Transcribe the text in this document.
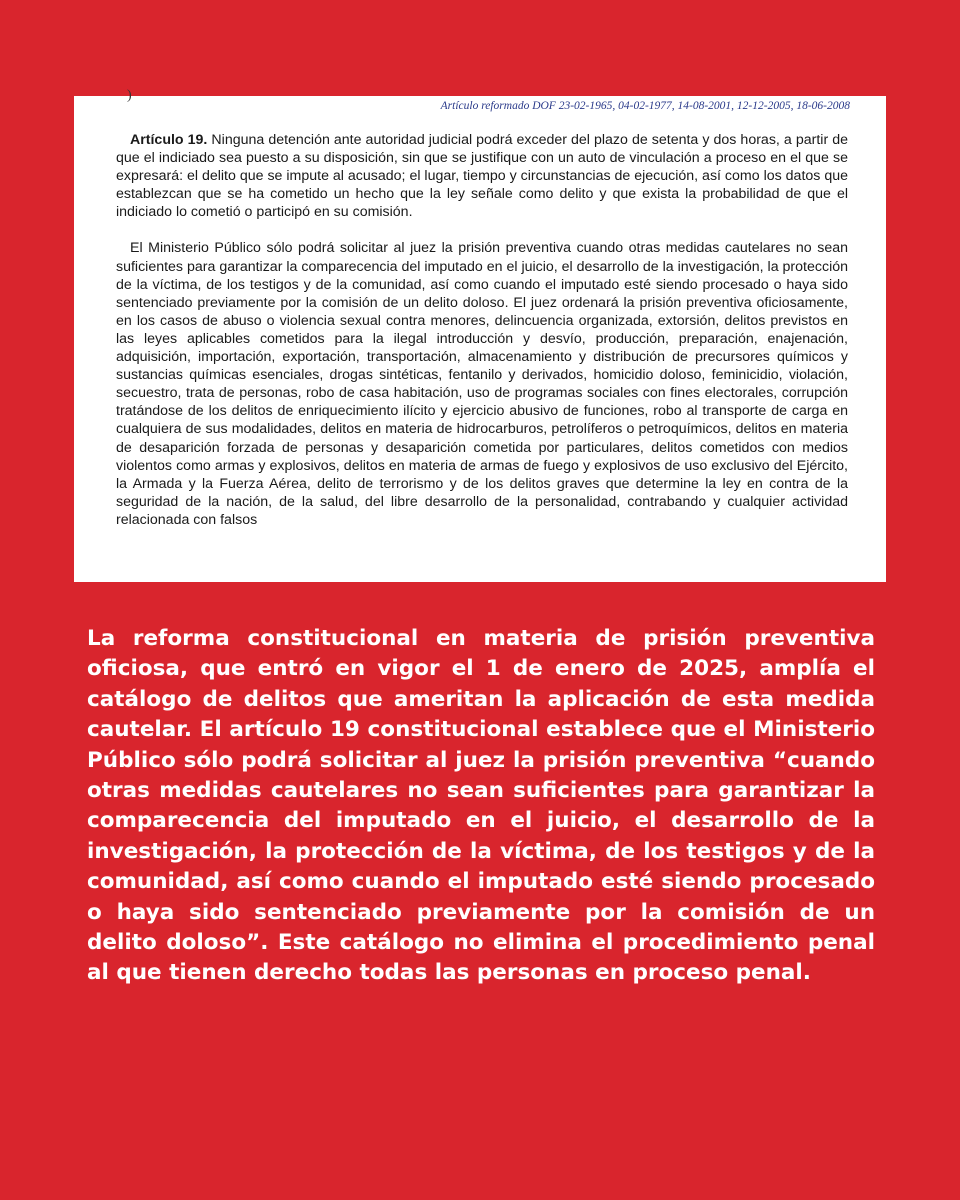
)
Artículo reformado DOF 23-02-1965, 04-02-1977, 14-08-2001, 12-12-2005, 18-06-2008

Artículo 19. Ninguna detención ante autoridad judicial podrá exceder del plazo de setenta y dos horas, a partir de que el indiciado sea puesto a su disposición, sin que se justifique con un auto de vinculación a proceso en el que se expresará: el delito que se impute al acusado; el lugar, tiempo y circunstancias de ejecución, así como los datos que establezcan que se ha cometido un hecho que la ley señale como delito y que exista la probabilidad de que el indiciado lo cometió o participó en su comisión.

El Ministerio Público sólo podrá solicitar al juez la prisión preventiva cuando otras medidas cautelares no sean suficientes para garantizar la comparecencia del imputado en el juicio, el desarrollo de la investigación, la protección de la víctima, de los testigos y de la comunidad, así como cuando el imputado esté siendo procesado o haya sido sentenciado previamente por la comisión de un delito doloso. El juez ordenará la prisión preventiva oficiosamente, en los casos de abuso o violencia sexual contra menores, delincuencia organizada, extorsión, delitos previstos en las leyes aplicables cometidos para la ilegal introducción y desvío, producción, preparación, enajenación, adquisición, importación, exportación, transportación, almacenamiento y distribución de precursores químicos y sustancias químicas esenciales, drogas sintéticas, fentanilo y derivados, homicidio doloso, feminicidio, violación, secuestro, trata de personas, robo de casa habitación, uso de programas sociales con fines electorales, corrupción tratándose de los delitos de enriquecimiento ilícito y ejercicio abusivo de funciones, robo al transporte de carga en cualquiera de sus modalidades, delitos en materia de hidrocarburos, petrolíferos o petroquímicos, delitos en materia de desaparición forzada de personas y desaparición cometida por particulares, delitos cometidos con medios violentos como armas y explosivos, delitos en materia de armas de fuego y explosivos de uso exclusivo del Ejército, la Armada y la Fuerza Aérea, delito de terrorismo y de los delitos graves que determine la ley en contra de la seguridad de la nación, de la salud, del libre desarrollo de la personalidad, contrabando y cualquier actividad relacionada con falsos

La reforma constitucional en materia de prisión preventiva oficiosa, que entró en vigor el 1 de enero de 2025, amplía el catálogo de delitos que ameritan la aplicación de esta medida cautelar. El artículo 19 constitucional establece que el Ministerio Público sólo podrá solicitar al juez la prisión preventiva “cuando otras medidas cautelares no sean suficientes para garantizar la comparecencia del imputado en el juicio, el desarrollo de la investigación, la protección de la víctima, de los testigos y de la comunidad, así como cuando el imputado esté siendo procesado o haya sido sentenciado previamente por la comisión de un delito doloso”. Este catálogo no elimina el procedimiento penal al que tienen derecho todas las personas en proceso penal.
